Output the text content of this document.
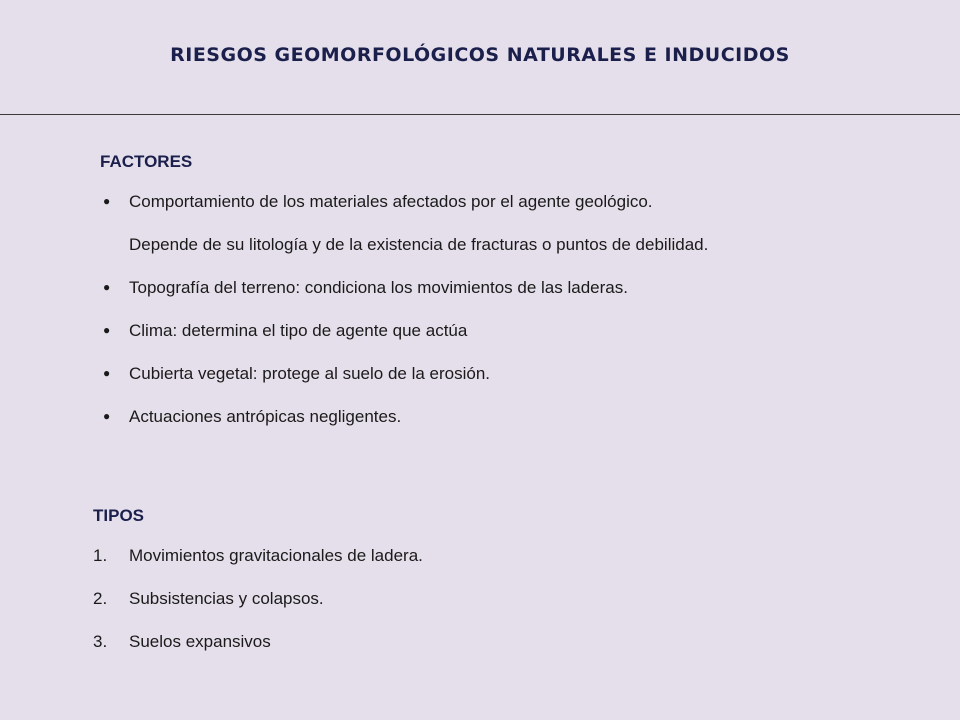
RIESGOS GEOMORFOLÓGICOS NATURALES E INDUCIDOS

FACTORES

● Comportamiento de los materiales afectados por el agente geológico.
Depende de su litología y de la existencia de fracturas o puntos de debilidad.
● Topografía del terreno: condiciona los movimientos de las laderas.
● Clima: determina el tipo de agente que actúa
● Cubierta vegetal: protege al suelo de la erosión.
● Actuaciones antrópicas negligentes.

TIPOS

1. Movimientos gravitacionales de ladera.
2. Subsistencias y colapsos.
3. Suelos expansivos
